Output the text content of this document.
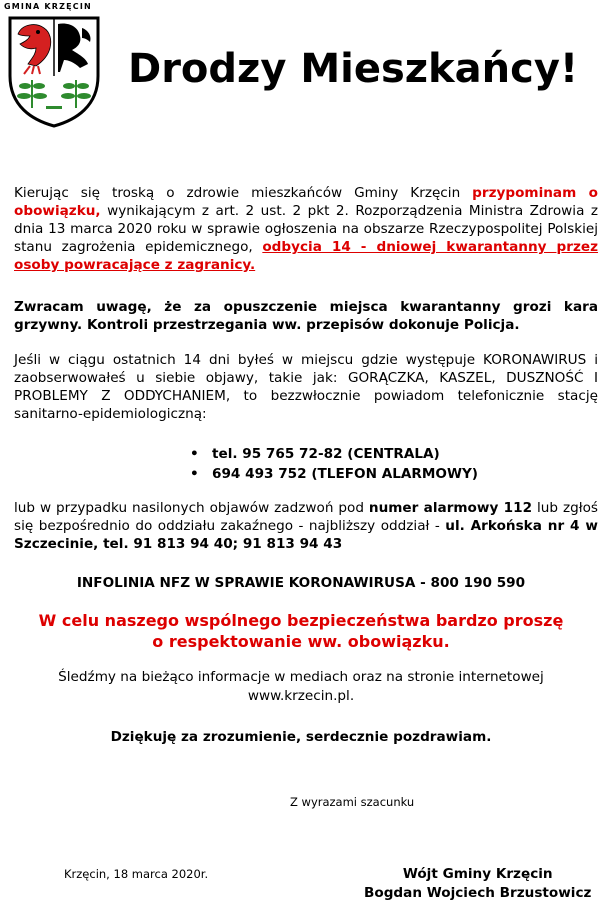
GMINA KRZĘCIN
Drodzy Mieszkańcy!
Kierując się troską o zdrowie mieszkańców Gminy Krzęcin przypominam o obowiązku, wynikającym z art. 2 ust. 2 pkt 2. Rozporządzenia Ministra Zdrowia z dnia 13 marca 2020 roku w sprawie ogłoszenia na obszarze Rzeczypospolitej Polskiej stanu zagrożenia epidemicznego, odbycia 14 - dniowej kwarantanny przez osoby powracające z zagranicy.
Zwracam uwagę, że za opuszczenie miejsca kwarantanny grozi kara grzywny. Kontroli przestrzegania ww. przepisów dokonuje Policja.
Jeśli w ciągu ostatnich 14 dni byłeś w miejscu gdzie występuje KORONAWIRUS i zaobserwowałeś u siebie objawy, takie jak: GORĄCZKA, KASZEL, DUSZNOŚĆ I PROBLEMY Z ODDYCHANIEM, to bezzwłocznie powiadom telefonicznie stację sanitarno-epidemiologiczną:
• tel. 95 765 72-82 (CENTRALA)
• 694 493 752 (TLEFON ALARMOWY)
lub w przypadku nasilonych objawów zadzwoń pod numer alarmowy 112 lub zgłoś się bezpośrednio do oddziału zakaźnego - najbliższy oddział - ul. Arkońska nr 4 w Szczecinie, tel. 91 813 94 40; 91 813 94 43
INFOLINIA NFZ W SPRAWIE KORONAWIRUSA - 800 190 590
W celu naszego wspólnego bezpieczeństwa bardzo proszę
o respektowanie ww. obowiązku.
Śledźmy na bieżąco informacje w mediach oraz na stronie internetowej
www.krzecin.pl.
Dziękuję za zrozumienie, serdecznie pozdrawiam.
Z wyrazami szacunku
Krzęcin, 18 marca 2020r.	Wójt Gminy Krzęcin
Bogdan Wojciech Brzustowicz
